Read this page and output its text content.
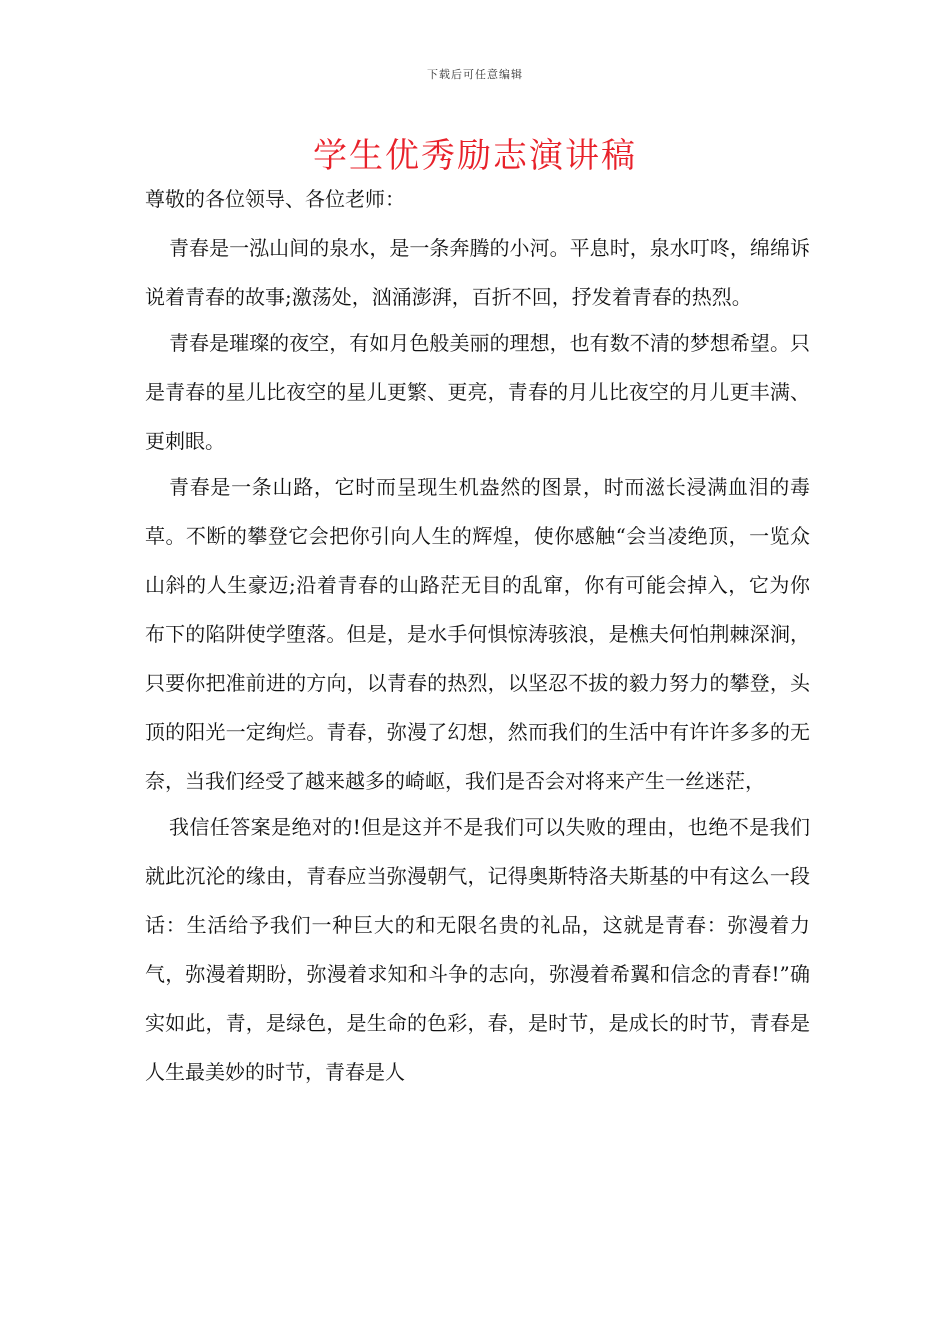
下载后可任意编辑
学生优秀励志演讲稿

尊敬的各位领导、各位老师：

青春是一泓山间的泉水，是一条奔腾的小河。平息时，泉水叮咚，绵绵诉说着青春的故事;激荡处，汹涌澎湃，百折不回，抒发着青春的热烈。

青春是璀璨的夜空，有如月色般美丽的理想，也有数不清的梦想希望。只是青春的星儿比夜空的星儿更繁、更亮，青春的月儿比夜空的月儿更丰满、更刺眼。

青春是一条山路，它时而呈现生机盎然的图景，时而滋长浸满血泪的毒草。不断的攀登它会把你引向人生的辉煌，使你感触“会当凌绝顶，一览众山斜的人生豪迈;沿着青春的山路茫无目的乱窜，你有可能会掉入，它为你布下的陷阱使学堕落。但是，是水手何惧惊涛骇浪，是樵夫何怕荆棘深涧，只要你把准前进的方向，以青春的热烈，以坚忍不拔的毅力努力的攀登，头顶的阳光一定绚烂。青春，弥漫了幻想，然而我们的生活中有许许多多的无奈，当我们经受了越来越多的崎岖，我们是否会对将来产生一丝迷茫，

我信任答案是绝对的!但是这并不是我们可以失败的理由，也绝不是我们就此沉沦的缘由，青春应当弥漫朝气，记得奥斯特洛夫斯基的中有这么一段话：生活给予我们一种巨大的和无限名贵的礼品，这就是青春：弥漫着力气，弥漫着期盼，弥漫着求知和斗争的志向，弥漫着希翼和信念的青春!”确实如此，青，是绿色，是生命的色彩，春，是时节，是成长的时节，青春是人生最美妙的时节，青春是人
